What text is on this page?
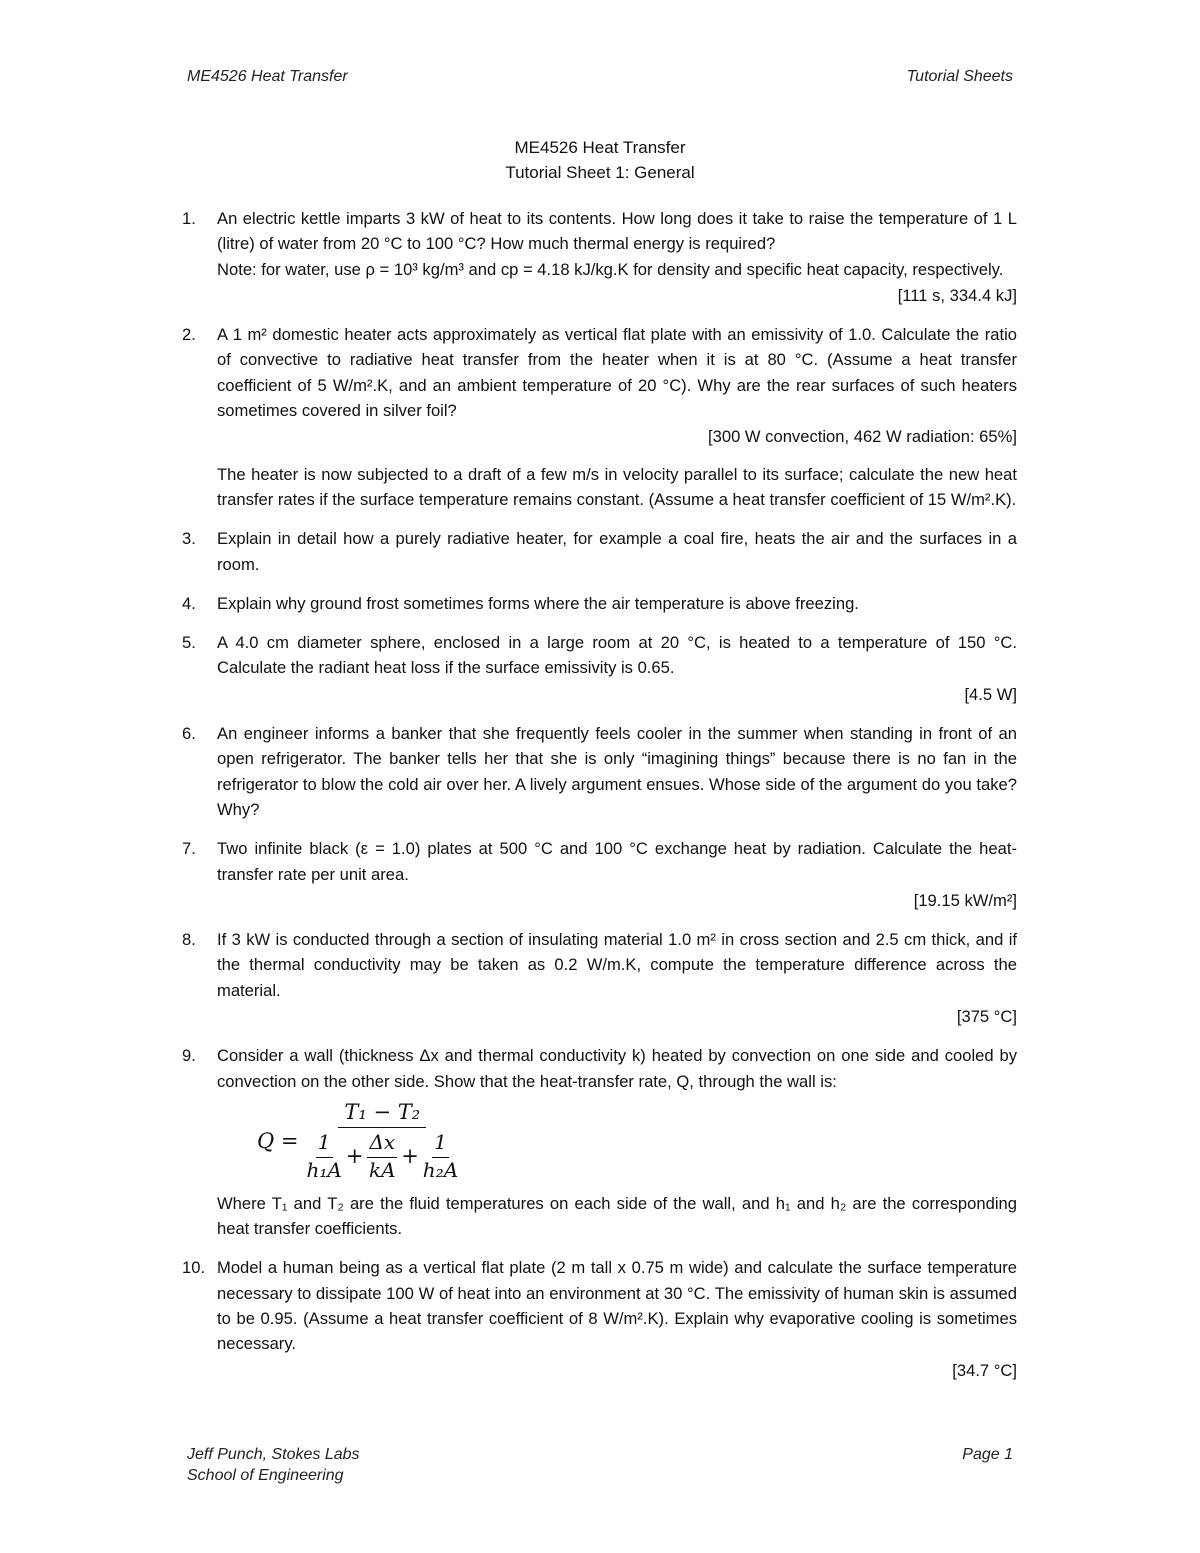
ME4526 Heat Transfer	Tutorial Sheets
ME4526 Heat Transfer
Tutorial Sheet 1: General
1. An electric kettle imparts 3 kW of heat to its contents. How long does it take to raise the temperature of 1 L (litre) of water from 20 °C to 100 °C? How much thermal energy is required?
Note: for water, use ρ = 10³ kg/m³ and cp = 4.18 kJ/kg.K for density and specific heat capacity, respectively.
[111 s, 334.4 kJ]
2. A 1 m² domestic heater acts approximately as vertical flat plate with an emissivity of 1.0. Calculate the ratio of convective to radiative heat transfer from the heater when it is at 80 °C. (Assume a heat transfer coefficient of 5 W/m².K, and an ambient temperature of 20 °C). Why are the rear surfaces of such heaters sometimes covered in silver foil?
[300 W convection, 462 W radiation: 65%]
The heater is now subjected to a draft of a few m/s in velocity parallel to its surface; calculate the new heat transfer rates if the surface temperature remains constant. (Assume a heat transfer coefficient of 15 W/m².K).
3. Explain in detail how a purely radiative heater, for example a coal fire, heats the air and the surfaces in a room.
4. Explain why ground frost sometimes forms where the air temperature is above freezing.
5. A 4.0 cm diameter sphere, enclosed in a large room at 20 °C, is heated to a temperature of 150 °C. Calculate the radiant heat loss if the surface emissivity is 0.65.
[4.5 W]
6. An engineer informs a banker that she frequently feels cooler in the summer when standing in front of an open refrigerator. The banker tells her that she is only “imagining things” because there is no fan in the refrigerator to blow the cold air over her. A lively argument ensues. Whose side of the argument do you take? Why?
7. Two infinite black (ε = 1.0) plates at 500 °C and 100 °C exchange heat by radiation. Calculate the heat-transfer rate per unit area.
[19.15 kW/m²]
8. If 3 kW is conducted through a section of insulating material 1.0 m² in cross section and 2.5 cm thick, and if the thermal conductivity may be taken as 0.2 W/m.K, compute the temperature difference across the material.
[375 °C]
9. Consider a wall (thickness Δx and thermal conductivity k) heated by convection on one side and cooled by convection on the other side. Show that the heat-transfer rate, Q, through the wall is:
Q =
T₁ − T₂
$\frac{1}{\text{h₁A}} + \frac{\Delta x}{kA} + \frac{1}{\text{h₂A}}$
Where T₁ and T₂ are the fluid temperatures on each side of the wall, and h₁ and h₂ are the corresponding heat transfer coefficients.
10. Model a human being as a vertical flat plate (2 m tall x 0.75 m wide) and calculate the surface temperature necessary to dissipate 100 W of heat into an environment at 30 °C. The emissivity of human skin is assumed to be 0.95. (Assume a heat transfer coefficient of 8 W/m².K). Explain why evaporative cooling is sometimes necessary.
[34.7 °C]
Jeff Punch, Stokes Labs
School of Engineering
Page 1
